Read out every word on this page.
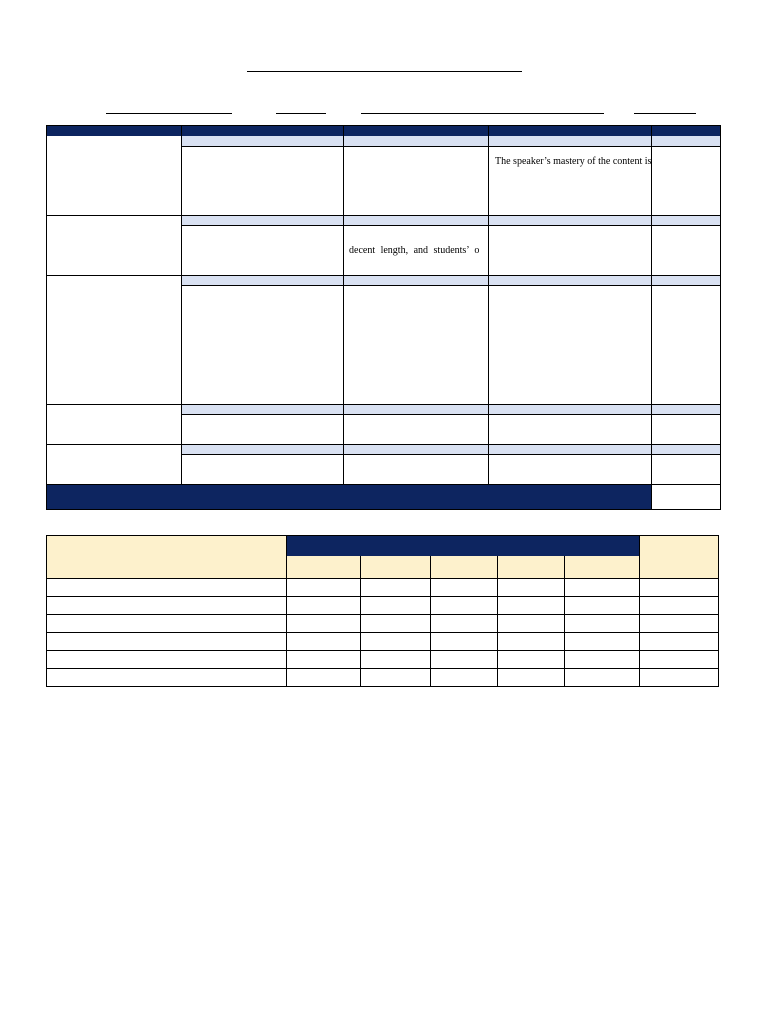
The speaker’s mastery of the content is
decent length, and students’ o
